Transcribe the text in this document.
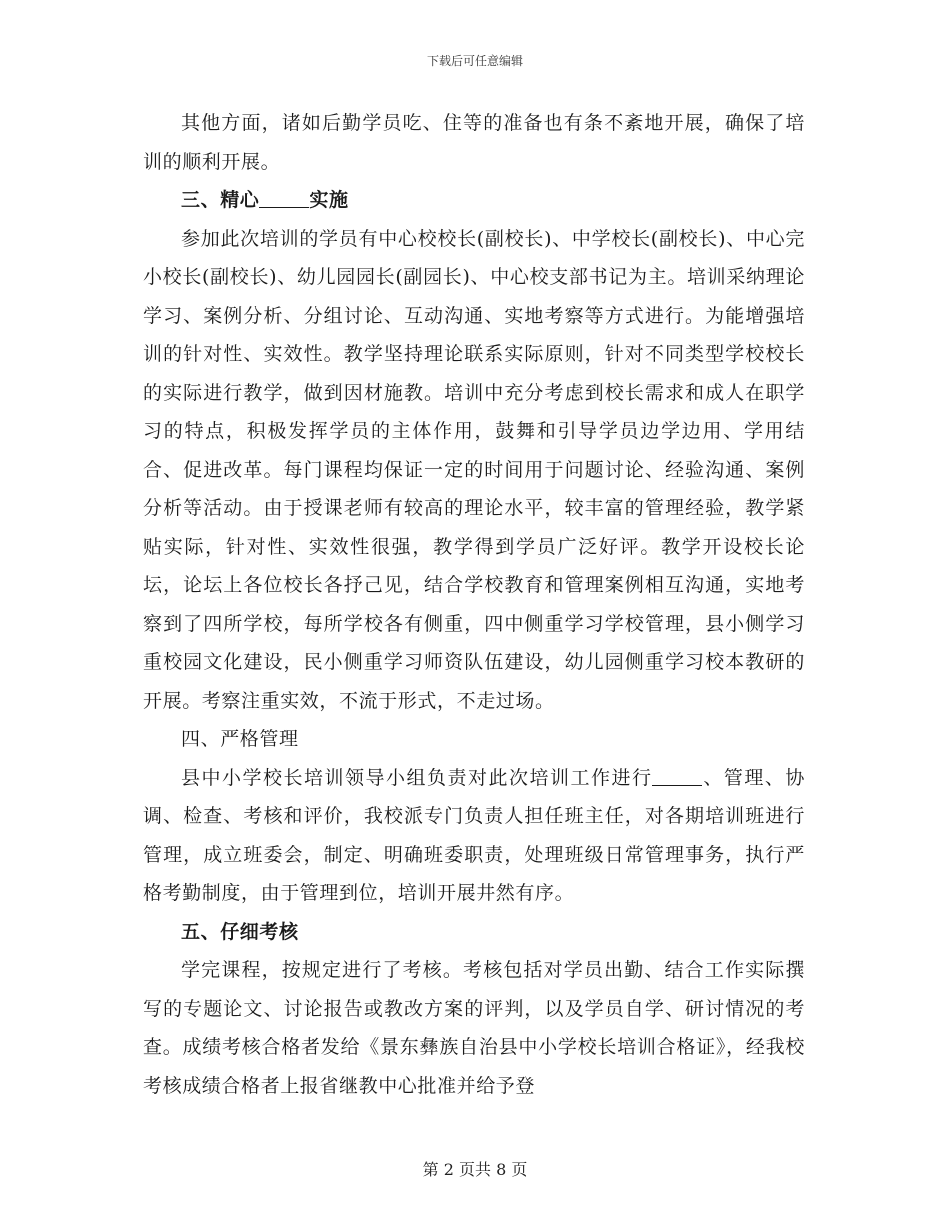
下载后可任意编辑

其他方面，诸如后勤学员吃、住等的准备也有条不紊地开展，确保了培训的顺利开展。

三、精心	实施

参加此次培训的学员有中心校校长(副校长)、中学校长(副校长)、中心完小校长(副校长)、幼儿园园长(副园长)、中心校支部书记为主。培训采纳理论学习、案例分析、分组讨论、互动沟通、实地考察等方式进行。为能增强培训的针对性、实效性。教学坚持理论联系实际原则，针对不同类型学校校长的实际进行教学，做到因材施教。培训中充分考虑到校长需求和成人在职学习的特点，积极发挥学员的主体作用，鼓舞和引导学员边学边用、学用结合、促进改革。每门课程均保证一定的时间用于问题讨论、经验沟通、案例分析等活动。由于授课老师有较高的理论水平，较丰富的管理经验，教学紧贴实际，针对性、实效性很强，教学得到学员广泛好评。教学开设校长论坛，论坛上各位校长各抒己见，结合学校教育和管理案例相互沟通，实地考察到了四所学校，每所学校各有侧重，四中侧重学习学校管理，县小侧学习重校园文化建设，民小侧重学习师资队伍建设，幼儿园侧重学习校本教研的开展。考察注重实效，不流于形式，不走过场。

四、严格管理

县中小学校长培训领导小组负责对此次培训工作进行	、管理、协调、检查、考核和评价，我校派专门负责人担任班主任，对各期培训班进行管理，成立班委会，制定、明确班委职责，处理班级日常管理事务，执行严格考勤制度，由于管理到位，培训开展井然有序。

五、仔细考核

学完课程，按规定进行了考核。考核包括对学员出勤、结合工作实际撰写的专题论文、讨论报告或教改方案的评判，以及学员自学、研讨情况的考查。成绩考核合格者发给《景东彝族自治县中小学校长培训合格证》，经我校考核成绩合格者上报省继教中心批准并给予登

第 2 页共 8 页
